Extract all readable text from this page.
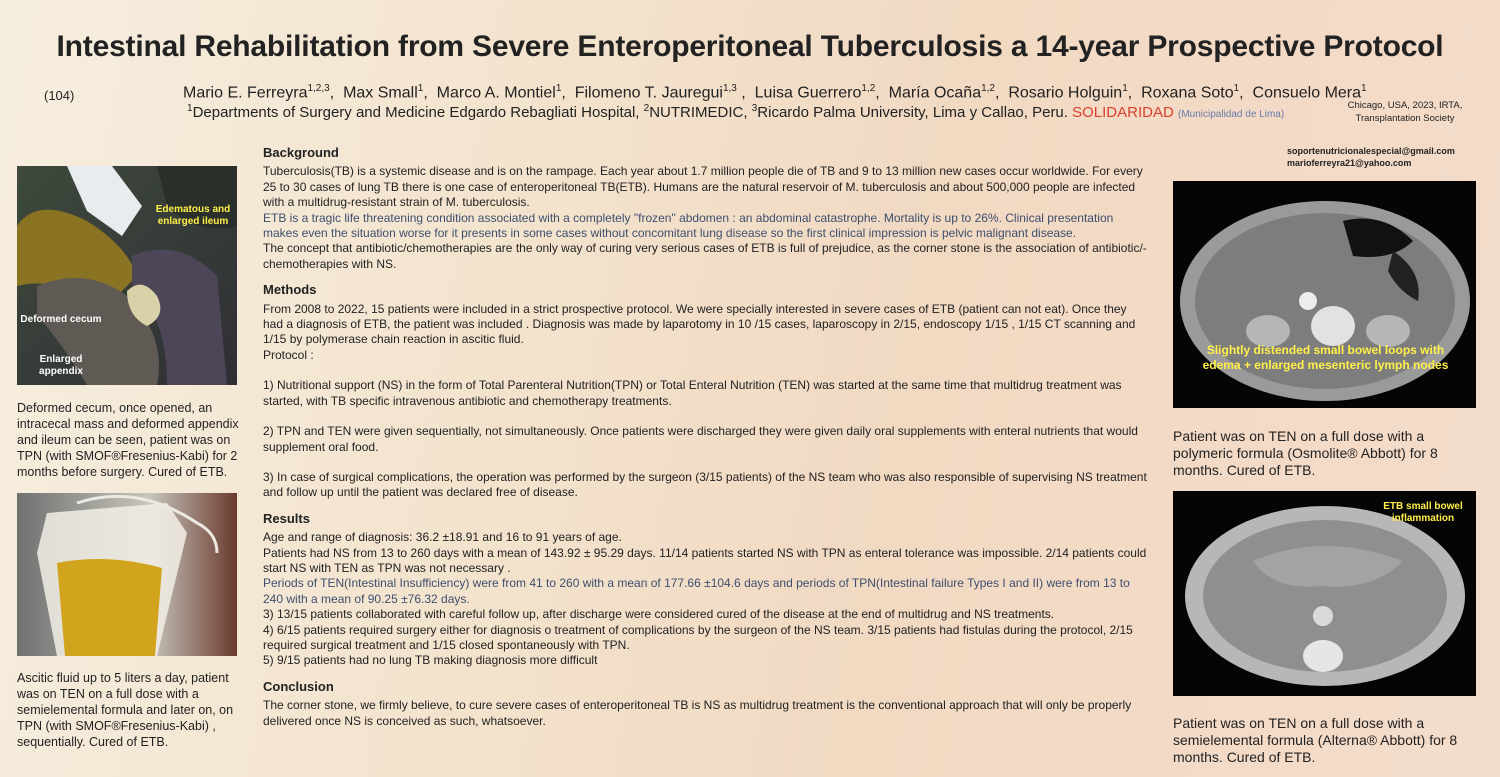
Intestinal Rehabilitation from Severe Enteroperitoneal Tuberculosis a 14-year Prospective Protocol
(104)	Mario E. Ferreyra$^{1,2,3}$,  Max Small$^1$,  Marco A. Montiel$^1$,  Filomeno T. Jauregui$^{1,3}$ ,  Luisa Guerrero$^{1,2}$,  María Ocaña$^{1,2}$,  Rosario Holguin$^1$,  Roxana Soto$^1$,  Consuelo Mera$^1$
$^1$Departments of Surgery and Medicine Edgardo Rebagliati Hospital, $^2$NUTRIMEDIC, $^3$Ricardo Palma University, Lima y Callao, Peru. SOLIDARIDAD (Municipalidad de Lima)
Chicago, USA, 2023, IRTA,
Transplantation Society
soportenutricionalespecial@gmail.com
marioferreyra21@yahoo.com
Edematous and enlarged ileum
Deformed cecum
Enlarged appendix
Deformed cecum, once opened, an intracecal mass and deformed appendix and ileum can be seen, patient was on TPN (with SMOF®Fresenius-Kabi) for 2 months before surgery. Cured of ETB.
Ascitic fluid up to 5 liters a day, patient was on TEN on a full dose with a semielemental formula and later on, on TPN (with SMOF®Fresenius-Kabi) , sequentially. Cured of ETB.
Background

Tuberculosis(TB) is a systemic disease and is on the rampage. Each year about 1.7 million people die of TB and 9 to 13 million new cases occur worldwide. For every 25 to 30 cases of lung TB there is one case of enteroperitoneal TB(ETB). Humans are the natural reservoir of M. tuberculosis and about 500,000 people are infected with a multidrug-resistant strain of M. tuberculosis.

ETB is a tragic life threatening condition associated with a completely "frozen" abdomen : an abdominal catastrophe. Mortality is up to 26%. Clinical presentation makes even the situation worse for it presents in some cases without concomitant lung disease so the first clinical impression is pelvic malignant disease.

The concept that antibiotic/chemotherapies are the only way of curing very serious cases of ETB is full of prejudice, as the corner stone is the association of antibiotic/-chemotherapies with NS.

Methods

From 2008 to 2022, 15 patients were included in a strict prospective protocol. We were specially interested in severe cases of ETB (patient can not eat). Once they had a diagnosis of ETB, the patient was included . Diagnosis was made by laparotomy in 10 /15 cases, laparoscopy in 2/15, endoscopy 1/15 , 1/15 CT scanning and 1/15 by polymerase chain reaction in ascitic fluid.

Protocol :

1) Nutritional support (NS) in the form of Total Parenteral Nutrition(TPN) or Total Enteral Nutrition (TEN) was started at the same time that multidrug treatment was started, with TB specific intravenous antibiotic and chemotherapy treatments.

2) TPN and TEN were given sequentially, not simultaneously. Once patients were discharged they were given daily oral supplements with enteral nutrients that would supplement oral food.

3) In case of surgical complications, the operation was performed by the surgeon (3/15 patients) of the NS team who was also responsible of supervising NS treatment and follow up until the patient was declared free of disease.

Results

Age and range of diagnosis: 36.2 ±18.91 and 16 to 91 years of age.

Patients had NS from 13 to 260 days with a mean of 143.92 ± 95.29 days. 11/14 patients started NS with TPN as enteral tolerance was impossible. 2/14 patients could start NS with TEN as TPN was not necessary .

Periods of TEN(Intestinal Insufficiency) were from 41 to 260 with a mean of 177.66 ±104.6 days and periods of TPN(Intestinal failure Types I and II) were from 13 to 240 with a mean of 90.25 ±76.32 days.

3) 13/15 patients collaborated with careful follow up, after discharge were considered cured of the disease at the end of multidrug and NS treatments.

4) 6/15 patients required surgery either for diagnosis o treatment of complications by the surgeon of the NS team. 3/15 patients had fistulas during the protocol, 2/15 required surgical treatment and 1/15 closed spontaneously with TPN.

5) 9/15 patients had no lung TB making diagnosis more difficult

Conclusion

The corner stone, we firmly believe, to cure severe cases of enteroperitoneal TB is NS as multidrug treatment is the conventional approach that will only be properly delivered once NS is conceived as such, whatsoever.

Slightly distended small bowel loops with edema + enlarged mesenteric lymph nodes
Patient was on TEN on a full dose with a polymeric formula (Osmolite® Abbott) for 8 months. Cured of ETB.
ETB small bowel inflammation
Patient was on TEN on a full dose with a semielemental formula (Alterna® Abbott) for 8 months. Cured of ETB.
